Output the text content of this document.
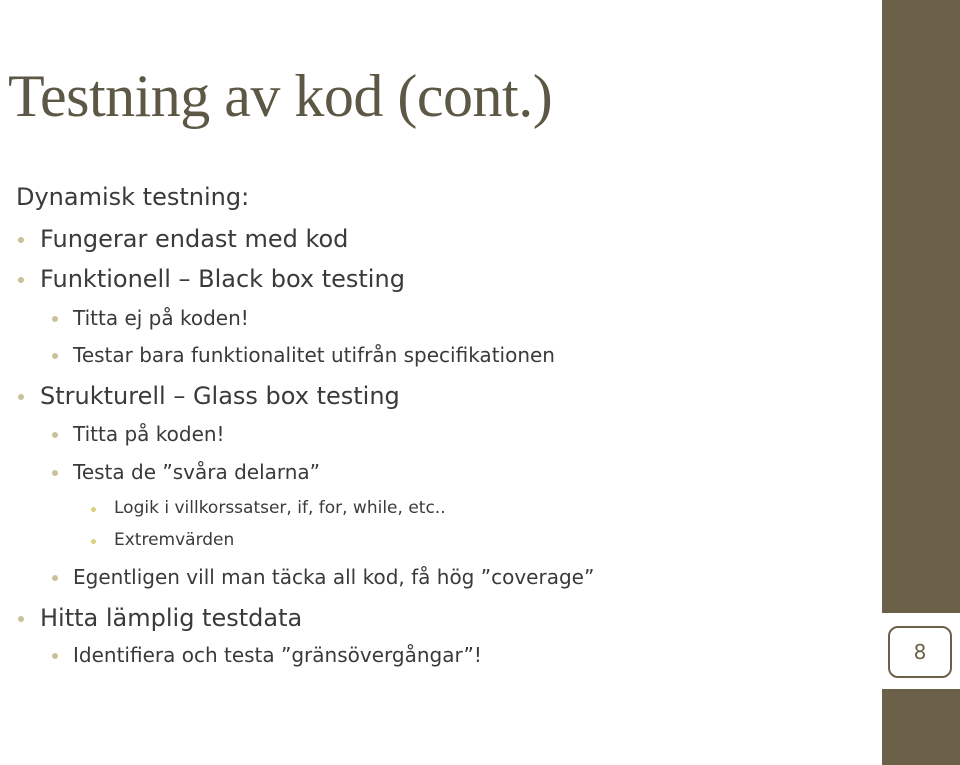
8
Testning av kod (cont.)
Dynamisk testning:
Fungerar endast med kod
Funktionell – Black box testing
Titta ej på koden!
Testar bara funktionalitet utifrån specifikationen
Strukturell – Glass box testing
Titta på koden!
Testa de ”svåra delarna”
Logik i villkorssatser, if, for, while, etc..
Extremvärden
Egentligen vill man täcka all kod, få hög ”coverage”
Hitta lämplig testdata
Identifiera och testa ”gränsövergångar”!
